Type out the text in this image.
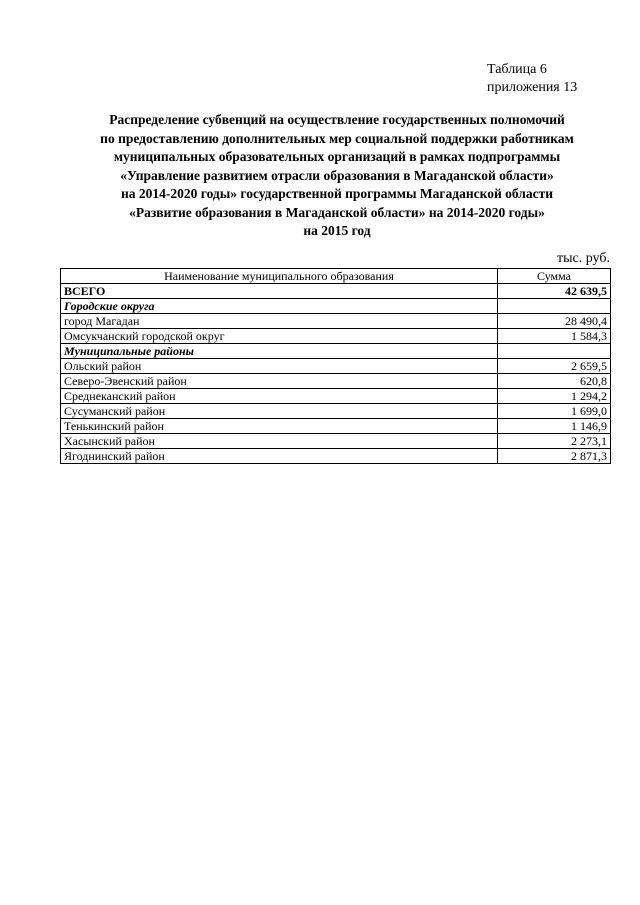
Таблица 6
приложения 13
Распределение субвенций на осуществление государственных полномочий
по предоставлению дополнительных мер социальной поддержки работникам
муниципальных образовательных организаций в рамках подпрограммы
«Управление развитием отрасли образования в Магаданской области»
на 2014-2020 годы» государственной программы Магаданской области
«Развитие образования в Магаданской области» на 2014-2020 годы»
на 2015 год
тыс. руб.
Наименование муниципального образования	Сумма
ВСЕГО	42 639,5
Городские округа	
город Магадан	28 490,4
Омсукчанский городской округ	1 584,3
Муниципальные районы	
Ольский район	2 659,5
Северо-Эвенский район	620,8
Среднеканский район	1 294,2
Сусуманский район	1 699,0
Тенькинский район	1 146,9
Хасынский район	2 273,1
Ягоднинский район	2 871,3
